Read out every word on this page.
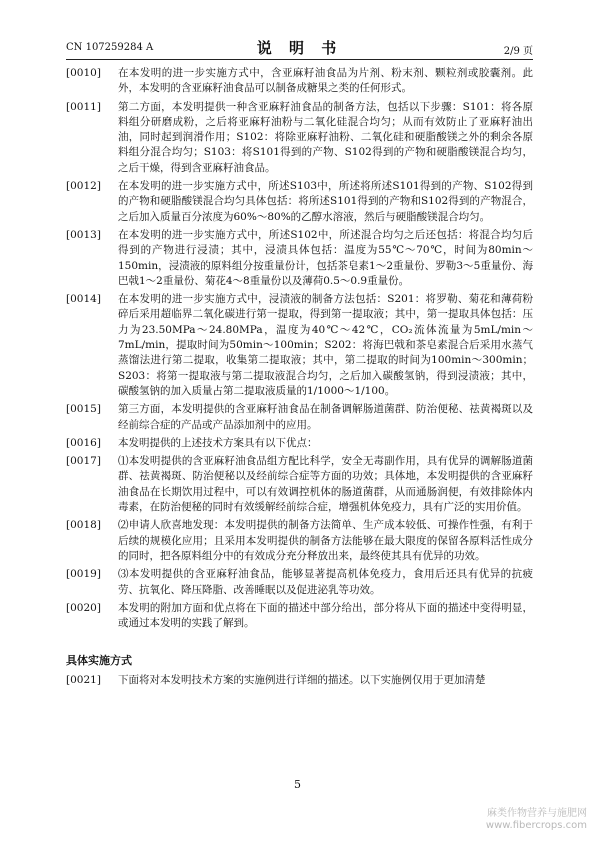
CN 107259284 A	说 明 书	2/9 页

[0010] 在本发明的进一步实施方式中，含亚麻籽油食品为片剂、粉末剂、颗粒剂或胶囊剂。此外，本发明的含亚麻籽油食品可以制备成糖果之类的任何形式。

[0011] 第二方面，本发明提供一种含亚麻籽油食品的制备方法，包括以下步骤：S101：将各原料组分研磨成粉，之后将亚麻籽油粉与二氧化硅混合均匀；从而有效防止了亚麻籽油出油，同时起到润滑作用；S102：将除亚麻籽油粉、二氧化硅和硬脂酸镁之外的剩余各原料组分混合均匀；S103：将S101得到的产物、S102得到的产物和硬脂酸镁混合均匀，之后干燥，得到含亚麻籽油食品。

[0012] 在本发明的进一步实施方式中，所述S103中，所述将所述S101得到的产物、S102得到的产物和硬脂酸镁混合均匀具体包括：将所述S101得到的产物和S102得到的产物混合，之后加入质量百分浓度为60%～80%的乙醇水溶液，然后与硬脂酸镁混合均匀。

[0013] 在本发明的进一步实施方式中，所述S102中，所述混合均匀之后还包括：将混合均匀后得到的产物进行浸渍；其中，浸渍具体包括：温度为55℃～70℃，时间为80min～150min，浸渍液的原料组分按重量份计，包括茶皂素1～2重量份、罗勒3～5重量份、海巴戟1～2重量份、菊花4～8重量份以及薄荷0.5～0.9重量份。

[0014] 在本发明的进一步实施方式中，浸渍液的制备方法包括：S201：将罗勒、菊花和薄荷粉碎后采用超临界二氧化碳进行第一提取，得到第一提取液；其中，第一提取具体包括：压力为23.50MPa～24.80MPa，温度为40℃～42℃，CO₂流体流量为5mL/min～7mL/min，提取时间为50min～100min；S202：将海巴戟和茶皂素混合后采用水蒸气蒸馏法进行第二提取，收集第二提取液；其中，第二提取的时间为100min～300min；S203：将第一提取液与第二提取液混合均匀，之后加入碳酸氢钠，得到浸渍液；其中，碳酸氢钠的加入质量占第二提取液质量的1/1000～1/100。

[0015] 第三方面，本发明提供的含亚麻籽油食品在制备调解肠道菌群、防治便秘、祛黄褐斑以及经前综合症的产品或产品添加剂中的应用。

[0016] 本发明提供的上述技术方案具有以下优点：

[0017] ⑴本发明提供的含亚麻籽油食品组方配比科学，安全无毒副作用，具有优异的调解肠道菌群、祛黄褐斑、防治便秘以及经前综合症等方面的功效；具体地，本发明提供的含亚麻籽油食品在长期饮用过程中，可以有效调控机体的肠道菌群，从而通肠润便，有效排除体内毒素，在防治便秘的同时有效缓解经前综合症，增强机体免疫力，具有广泛的实用价值。

[0018] ⑵申请人欣喜地发现：本发明提供的制备方法简单、生产成本较低、可操作性强，有利于后续的规模化应用；且采用本发明提供的制备方法能够在最大限度的保留各原料活性成分的同时，把各原料组分中的有效成分充分释放出来，最终使其具有优异的功效。

[0019] ⑶本发明提供的含亚麻籽油食品，能够显著提高机体免疫力，食用后还具有优异的抗疲劳、抗氧化、降压降脂、改善睡眠以及促进泌乳等功效。

[0020] 本发明的附加方面和优点将在下面的描述中部分给出，部分将从下面的描述中变得明显，或通过本发明的实践了解到。

具体实施方式

[0021] 下面将对本发明技术方案的实施例进行详细的描述。以下实施例仅用于更加清楚

5
麻类作物营养与施肥网
www.fibercrops.com
